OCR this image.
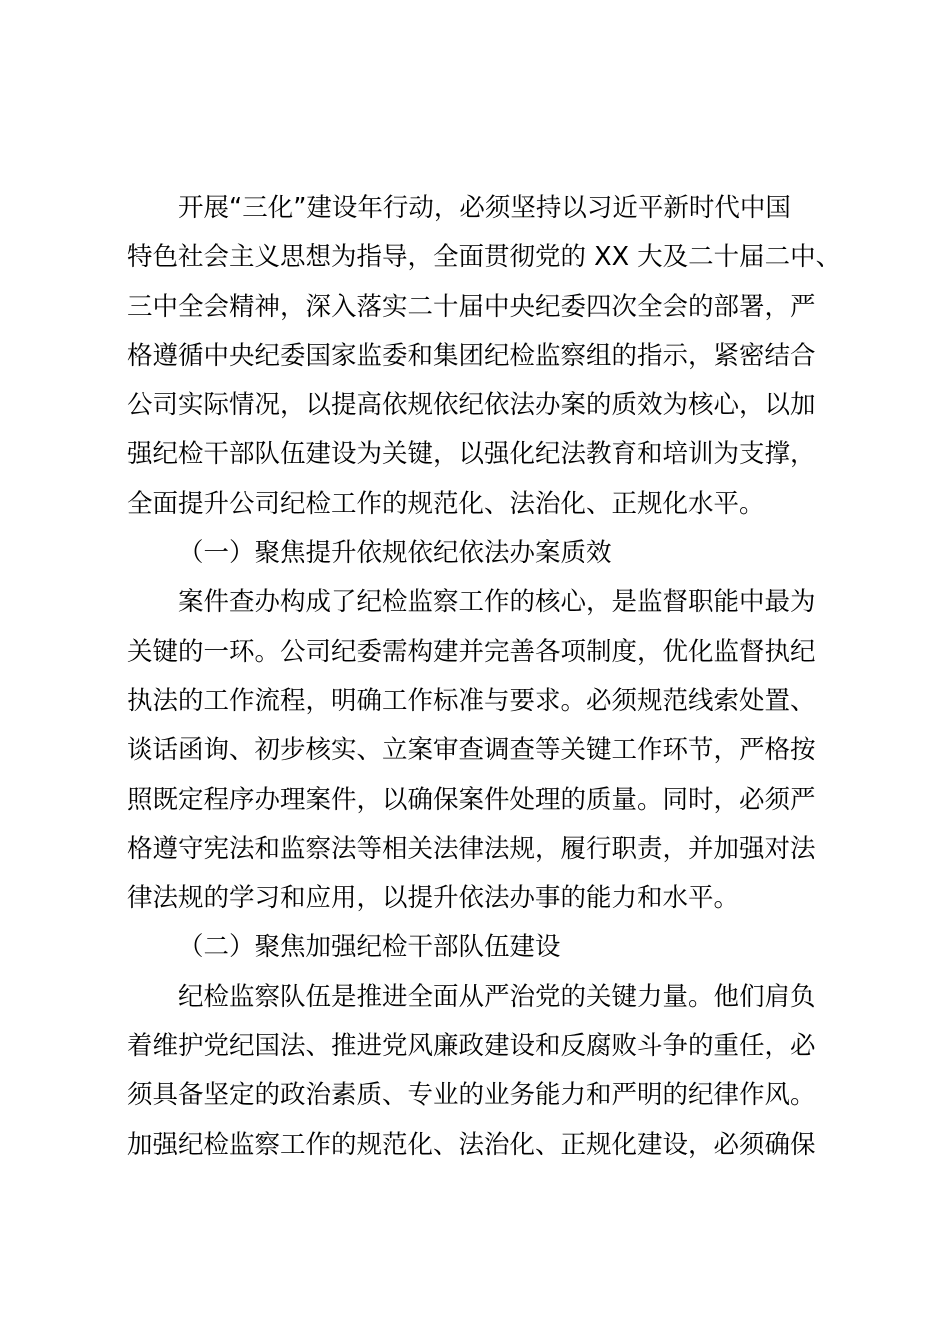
开展“三化”建设年行动，必须坚持以习近平新时代中国
特色社会主义思想为指导，全面贯彻党的 XX 大及二十届二中、
三中全会精神，深入落实二十届中央纪委四次全会的部署，严
格遵循中央纪委国家监委和集团纪检监察组的指示，紧密结合
公司实际情况，以提高依规依纪依法办案的质效为核心，以加
强纪检干部队伍建设为关键，以强化纪法教育和培训为支撑，
全面提升公司纪检工作的规范化、法治化、正规化水平。
（一）聚焦提升依规依纪依法办案质效
案件查办构成了纪检监察工作的核心，是监督职能中最为
关键的一环。公司纪委需构建并完善各项制度，优化监督执纪
执法的工作流程，明确工作标准与要求。必须规范线索处置、
谈话函询、初步核实、立案审查调查等关键工作环节，严格按
照既定程序办理案件，以确保案件处理的质量。同时，必须严
格遵守宪法和监察法等相关法律法规，履行职责，并加强对法
律法规的学习和应用，以提升依法办事的能力和水平。
（二）聚焦加强纪检干部队伍建设
纪检监察队伍是推进全面从严治党的关键力量。他们肩负
着维护党纪国法、推进党风廉政建设和反腐败斗争的重任，必
须具备坚定的政治素质、专业的业务能力和严明的纪律作风。
加强纪检监察工作的规范化、法治化、正规化建设，必须确保
